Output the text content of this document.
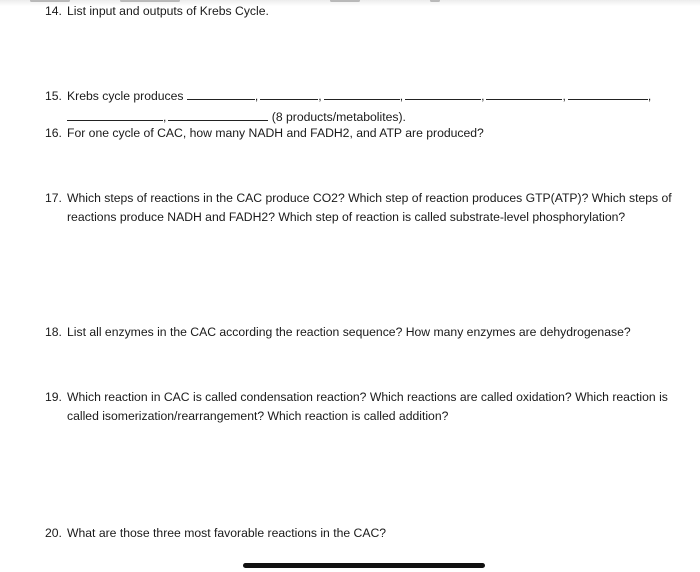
14. List input and outputs of Krebs Cycle.
15. Krebs cycle produces	,	,	,	,	,	,
,	(8 products/metabolites).
16. For one cycle of CAC, how many NADH and FADH2, and ATP are produced?
17. Which steps of reactions in the CAC produce CO2? Which step of reaction produces GTP(ATP)? Which steps of
reactions produce NADH and FADH2? Which step of reaction is called substrate-level phosphorylation?
18. List all enzymes in the CAC according the reaction sequence? How many enzymes are dehydrogenase?
19. Which reaction in CAC is called condensation reaction? Which reactions are called oxidation? Which reaction is
called isomerization/rearrangement? Which reaction is called addition?
20. What are those three most favorable reactions in the CAC?
